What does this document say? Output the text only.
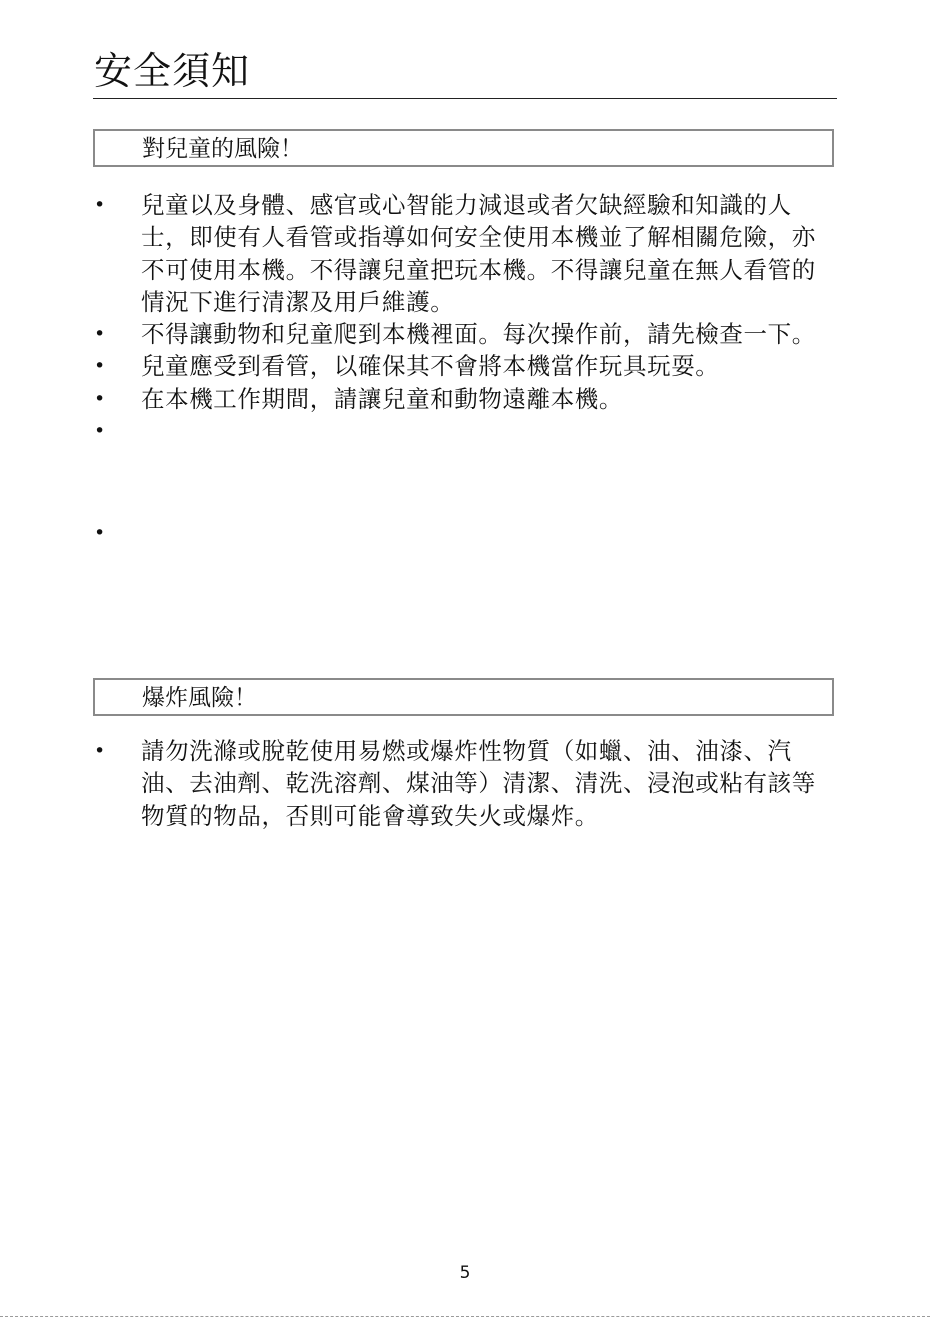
安全須知
對兒童的風險！
• 兒童以及身體、感官或心智能力減退或者欠缺經驗和知識的人士，即使有人看管或指導如何安全使用本機並了解相關危險，亦不可使用本機。不得讓兒童把玩本機。不得讓兒童在無人看管的情況下進行清潔及用戶維護。
• 不得讓動物和兒童爬到本機裡面。每次操作前，請先檢查一下。
• 兒童應受到看管，以確保其不會將本機當作玩具玩耍。
• 在本機工作期間，請讓兒童和動物遠離本機。
•
•
爆炸風險！
• 請勿洗滌或脫乾使用易燃或爆炸性物質（如蠟、油、油漆、汽油、去油劑、乾洗溶劑、煤油等）清潔、清洗、浸泡或粘有該等物質的物品，否則可能會導致失火或爆炸。
5
